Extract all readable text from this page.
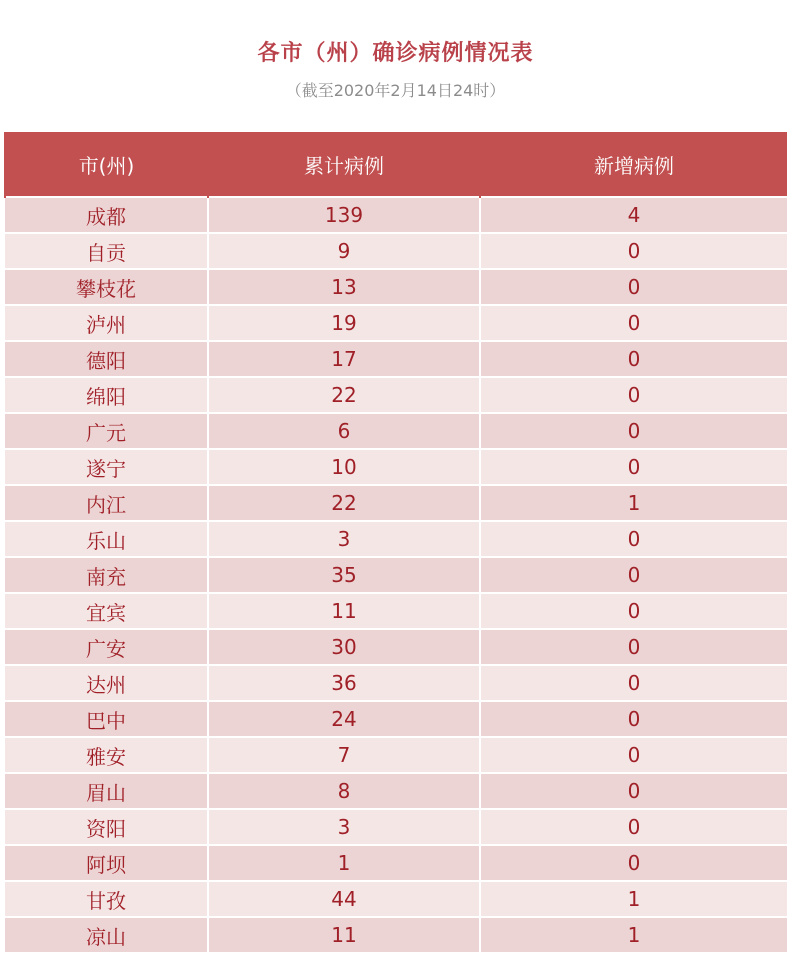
各市（州）确诊病例情况表
（截至2020年2月14日24时）
市(州)	累计病例	新增病例
成都	139	4
自贡	9	0
攀枝花	13	0
泸州	19	0
德阳	17	0
绵阳	22	0
广元	6	0
遂宁	10	0
内江	22	1
乐山	3	0
南充	35	0
宜宾	11	0
广安	30	0
达州	36	0
巴中	24	0
雅安	7	0
眉山	8	0
资阳	3	0
阿坝	1	0
甘孜	44	1
凉山	11	1
